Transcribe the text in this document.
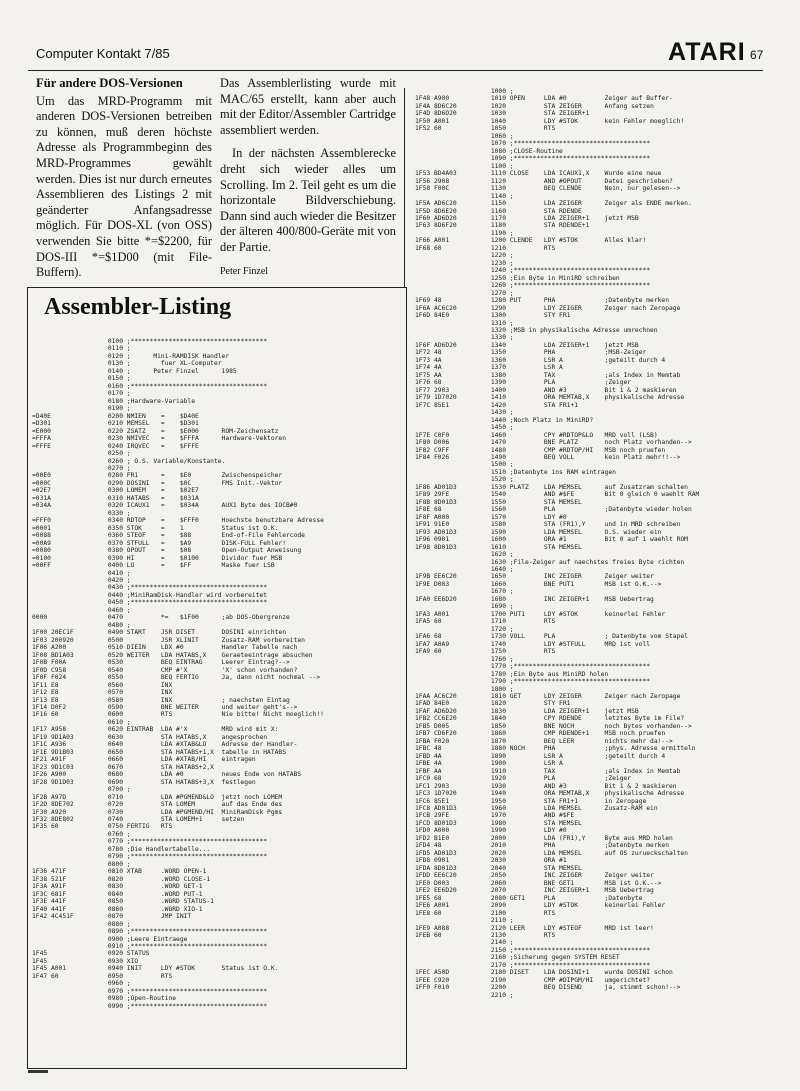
Computer Kontakt 7/85	ATARI 67
Für andere DOS-Versionen

Um das MRD-Programm mit anderen DOS-Versionen betreiben zu können, muß deren höchste Adresse als Programmbeginn des MRD-Programmes gewählt werden. Dies ist nur durch erneutes Assemblieren des Listings 2 mit geänderter Anfangsadresse möglich. Für DOS-XL (von OSS) verwenden Sie bitte *=$2200, für DOS-III *=$1D00 (mit File-Buffern).

Das Assemblerlisting wurde mit MAC/65 erstellt, kann aber auch mit der Editor/Assembler Cartridge assembliert werden.

In der nächsten Assemblerecke dreht sich wieder alles um Scrolling. Im 2. Teil geht es um die horizontale Bildverschiebung. Dann sind auch wieder die Besitzer der älteren 400/800-Geräte mit von der Partie.

Peter Finzel
Assembler-Listing
0100 ;************************************
0110 ;
0120 ;      Mini-RAMDISK Handler
0130 ;        fuer XL-Computer
0140 ;      Peter Finzel      1985
0150 ;
0160 ;************************************
0170 ;
0180 ;Hardware-Variable
0190 ;
=D40E               0200 NMIEN    =    $D40E
=D301               0210 MEMSEL   =    $D301
=E000               0220 ZSATZ    =    $E000      ROM-Zeichensatz
=FFFA               0230 NMIVEC   =    $FFFA      Hardware-Vektoren
=FFFE               0240 IRQVEC   =    $FFFE
0250 ;
0260 ; O.S. Variable/Konstante.
0270 ;
=00E0               0280 FR1      =    $E0        Zwischenspeicher
=000C               0290 DOSINI   =    $0C        FMS Init.-Vektor
=02E7               0300 LOMEM    =    $02E7
=031A               0310 HATABS   =    $031A
=034A               0320 ICAUX1   =    $034A      AUX1 Byte des IOCB#0
0330 ;
=FFF0               0340 RDTOP    =    $FFF0      Hoechste benutzbare Adresse
=0001               0350 STOK     =    1          Status ist O.K.
=0088               0360 STEOF    =    $88        End-of-File Fehlercode
=00A9               0370 STFULL   =    $A9        DISK-FULL Fehler!
=0080               0380 OPOUT    =    $08        Open-Output Anweisung
=0100               0390 HI       =    $0100      Dividor fuer MSB
=00FF               0400 LO       =    $FF        Maske fuer LSB
0410 ;
0420 ;
0430 ;************************************
0440 ;MiniRamDisk-Handler wird vorbereitet
0450 ;************************************
0460 ;
0000                0470          *=   $1F00      ;ab DOS-Obergrenze
0480 ;
1F00 20EC1F         0490 START    JSR DISET       DOSINI einrichten
1F03 200920         0500          JSR XLINIT      Zusatz-RAM vorbereiten
1F06 A200           0510 DIEIN    LDX #0          Handler Tabelle nach
1F08 BD1A03         0520 WEITER   LDA HATABS,X    Geraeteeintrage absuchen
1F0B F00A           0530          BEQ EINTRAG     Leerer Eintrag?-->
1F0D C958           0540          CMP #'X         'X' schon vorhanden?
1F0F F024           0550          BEQ FERTIG      Ja, dann nicht nochmal -->
1F11 E8             0560          INX
1F12 E8             0570          INX
1F13 E8             0580          INX             ; naechsten Eintag
1F14 D0F2           0590          BNE WEITER      und weiter geht's-->
1F16 60             0600          RTS             Nie bitte! Nicht moeglich!!
0610 ;
1F17 A958           0620 EINTRAB  LDA #'X         MRD wird mit X:
1F19 9D1A03         0630          STA HATABS,X    angesprochen
1F1C A936           0640          LDA #XTAB&LO    Adresse der Handler-
1F1E 9D1B03         0650          STA HATABS+1,X  tabelle in HATABS
1F21 A91F           0660          LDA #XTAB/HI    eintragen
1F23 9D1C03         0670          STA HATABS+2,X
1F26 A900           0680          LDA #0          neues Ende von HATABS
1F28 9D1D03         0690          STA HATABS+3,X  festlegen
0700 ;
1F2B A97D           0710          LDA #PGMEND&LO  jetzt noch LOMEM
1F2D 8DE702         0720          STA LOMEM       auf das Ende des
1F30 A920           0730          LDA #PGMEND/HI  MiniRamDisk Pgms
1F32 8DE802         0740          STA LOMEM+1     setzen
1F35 60             0750 FERTIG   RTS
0760 ;
0770 ;************************************
0780 ;Die Handlertabelle...
0790 ;************************************
0800 ;
1F36 471F           0810 XTAB     .WORD OPEN-1
1F38 521F           0820          .WORD CLOSE-1
1F3A A91F           0830          .WORD GET-1
1F3C 681F           0840          .WORD PUT-1
1F3E 441F           0850          .WORD STATUS-1
1F40 441F           0860          .WORD XIO-1
1F42 4C451F         0870          JMP INIT
0880 ;
0890 ;************************************
0900 ;Leere Eintraege
0910 ;************************************
1F45                0920 STATUS
1F45                0930 XIO
1F45 A001           0940 INIT     LDY #STOK       Status ist O.K.
1F47 60             0950          RTS
0960 ;
0970 ;************************************
0980 ;Open-Routine
0990 ;************************************
1000 ;
1F48 A900           1010 OPEN     LDA #0          Zeiger auf Buffer-
1F4A 8D6C20         1020          STA ZEIGER      Anfang setzen
1F4D 8D6D20         1030          STA ZEIGER+1
1F50 A001           1040          LDY #STOK       kein Fehler moeglich!
1F52 60             1050          RTS
1060 ;
1070 ;************************************
1080 ;CLOSE-Routine
1090 ;************************************
1100 ;
1F53 BD4A03         1110 CLOSE    LDA ICAUX1,X    Wurde eine neue
1F56 2908           1120          AND #OPOUT      Datei geschrieben?
1F58 F00C           1130          BEQ CLENDE      Nein, nur gelesen-->
1140 ;
1F5A AD6C20         1150          LDA ZEIGER      Zeiger als ENDE merken.
1F5D 8D6E20         1160          STA RDENDE
1F60 AD6D20         1170          LDA ZEIGER+1    jetzt MSB
1F63 8D6F20         1180          STA RDENDE+1
1190 ;
1F66 A001           1200 CLENDE   LDY #STOK       Alles klar!
1F68 60             1210          RTS
1220 ;
1230 ;
1240 ;************************************
1250 ;Ein Byte in MiniRD schreiben
1260 ;************************************
1270 ;
1F69 48             1280 PUT      PHA             ;Datenbyte merken
1F6A AC6C20         1290          LDY ZEIGER      Zeiger nach Zeropage
1F6D 84E0           1300          STY FR1
1310 ;
1320 ;MSB in physikalische Adresse umrechnen
1330 ;
1F6F AD6D20         1340          LDA ZEIGER+1    jetzt MSB
1F72 48             1350          PHA             ;MSB-Zeiger
1F73 4A             1360          LSR A           ;geteilt durch 4
1F74 4A             1370          LSR A
1F75 AA             1380          TAX             ;als Index in Memtab
1F76 68             1390          PLA             ;Zeiger
1F77 2903           1400          AND #3          Bit 1 & 2 maskieren
1F79 1D7020         1410          ORA MEMTAB,X    physikalische Adresse
1F7C 85E1           1420          STA FR1+1
1430 ;
1440 ;Noch Platz in MiniRD?
1450 ;
1F7E C0F0           1460          CPY #RDTOP&LO   MRD voll (LSB)
1F80 D006           1470          BNE PLATZ       noch Platz vorhanden-->
1F82 C9FF           1480          CMP #RDTOP/HI   MSB noch pruefen
1F84 F026           1490          BEQ VOLL        kein Platz mehr!!-->
1500 ;
1510 ;Datenbyte ins RAM eintragen
1520 ;
1F86 AD01D3         1530 PLATZ    LDA MEMSEL      auf Zusatzram schalten
1F89 29FE           1540          AND #$FE        Bit 0 gleich 0 waehlt RAM
1F8B 8D01D3         1550          STA MEMSEL
1F8E 68             1560          PLA             ;Datenbyte wieder holen
1F8F A000           1570          LDY #0
1F91 91E0           1580          STA (FR1),Y     und in MRD schreiben
1F93 AD01D3         1590          LDA MEMSEL      O.S. wieder ein
1F96 0901           1600          ORA #1          Bit 0 auf 1 waehlt ROM
1F98 8D01D3         1610          STA MEMSEL
1620 ;
1630 ;File-Zeiger auf naechstes freies Byte richten
1640 ;
1F9B EE6C20         1650          INC ZEIGER      Zeiger weiter
1F9E D003           1660          BNE PUT1        MSB ist O.K.-->
1670 ;
1FA0 EE6D20         1680          INC ZEIGER+1    MSB Uebertrag
1690 ;
1FA3 A001           1700 PUT1     LDY #STOK       keinerlei Fehler
1FA5 60             1710          RTS
1720 ;
1FA6 68             1730 VOLL     PLA             ; Datenbyte vom Stapel
1FA7 A0A9           1740          LDY #STFULL     MRD ist voll
1FA9 60             1750          RTS
1760 ;
1770 ;************************************
1780 ;Ein Byte aus MiniRD holen
1790 ;************************************
1800 ;
1FAA AC6C20         1810 GET      LDY ZEIGER      Zeiger nach Zeropage
1FAD 84E0           1820          STY FR1
1FAF AD6D20         1830          LDA ZEIGER+1    jetzt MSB
1FB2 CC6E20         1840          CPY RDENDE      letztes Byte im File?
1FB5 D005           1850          BNE NOCH        noch Bytes vorhanden-->
1FB7 CD6F20         1860          CMP RDENDE+1    MSB noch pruefen
1FBA F020           1870          BEQ LEER        nichts mehr da!-->
1FBC 48             1880 NOCH     PHA             ;phys. Adresse ermitteln
1FBD 4A             1890          LSR A           ;geteilt durch 4
1FBE 4A             1900          LSR A
1FBF AA             1910          TAX             ;als Index in Memtab
1FC0 68             1920          PLA             ;Zeiger
1FC1 2903           1930          AND #3          Bit 1 & 2 maskieren
1FC3 1D7020         1940          ORA MEMTAB,X    physikalische Adresse
1FC6 85E1           1950          STA FR1+1       in Zeropage
1FC8 AD01D3         1960          LDA MEMSEL      Zusatz-RAM ein
1FCB 29FE           1970          AND #$FE
1FCD 8D01D3         1980          STA MEMSEL
1FD0 A000           1990          LDY #0
1FD2 B1E0           2000          LDA (FR1),Y     Byte aus MRD holen
1FD4 48             2010          PHA             ;Datenbyte merken
1FD5 AD01D3         2020          LDA MEMSEL      auf OS zurueckschalten
1FD8 0901           2030          ORA #1
1FDA 8D01D3         2040          STA MEMSEL
1FDD EE6C20         2050          INC ZEIGER      Zeiger weiter
1FE0 D003           2060          BNE GET1        MSB ist O.K.-->
1FE2 EE6D20         2070          INC ZEIGER+1    MSB Uebertrag
1FE5 68             2080 GET1     PLA             ;Datenbyte
1FE6 A001           2090          LDY #STOK       keinerlei Fehler
1FE8 60             2100          RTS
2110 ;
1FE9 A088           2120 LEER     LDY #STEOF      MRD ist leer!
1FEB 60             2130          RTS
2140 ;
2150 ;************************************
2160 ;Sicherung gegen SYSTEM RESET
2170 ;************************************
1FEC A50D           2180 DISET    LDA DOSINI+1    wurde DOSINI schon
1FEE C920           2190          CMP #DIPGM/HI   umgerichtet?
1FF0 F010           2200          BEQ DISEND      ja, stimmt schon!-->
2210 ;
